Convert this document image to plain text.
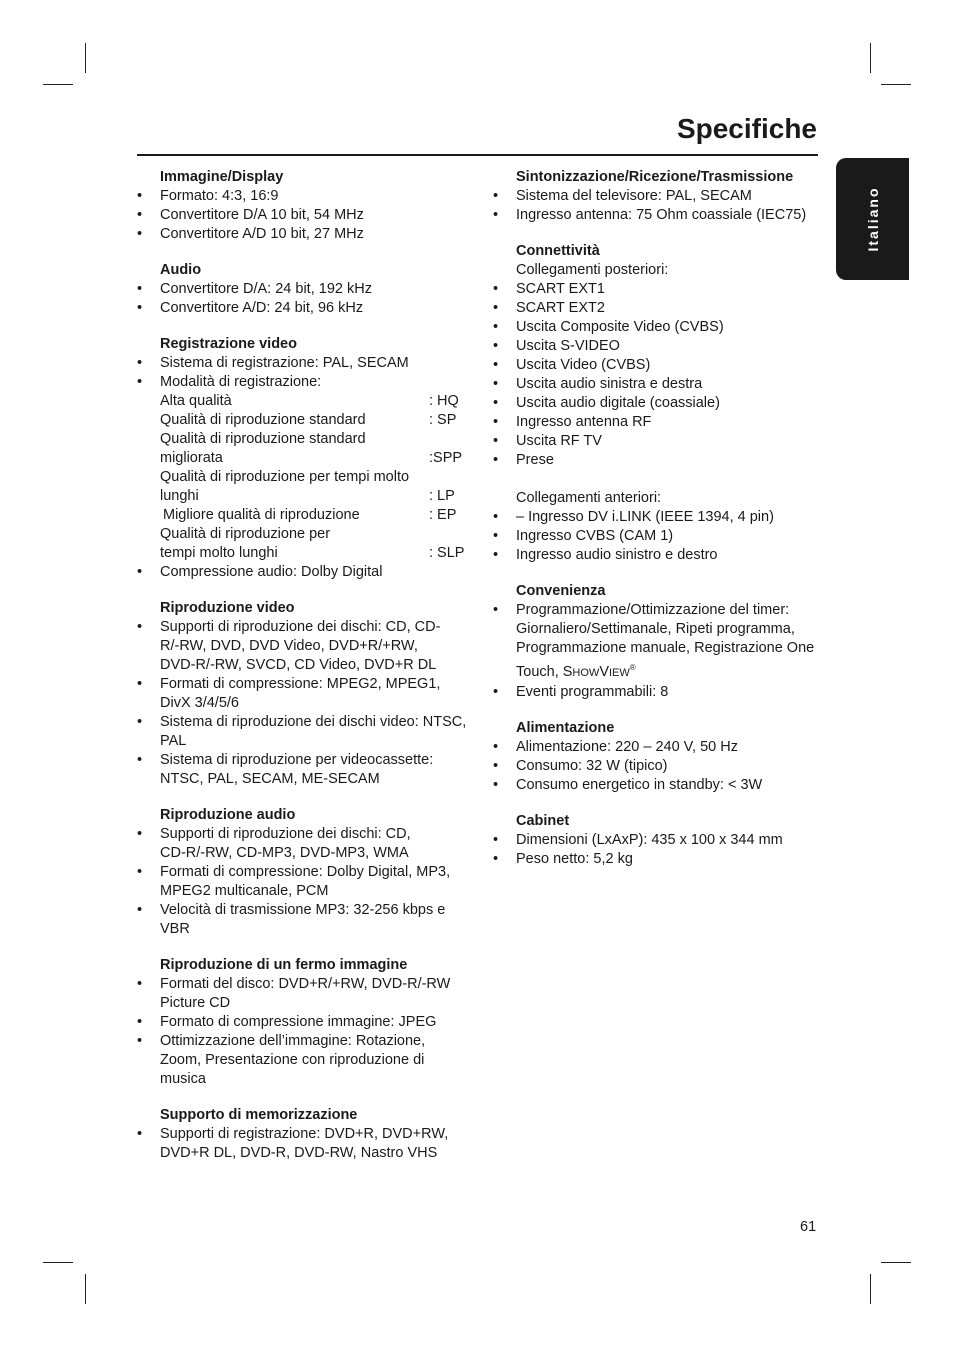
Specifiche
Italiano
Immagine/Display
• Formato: 4:3, 16:9
• Convertitore D/A 10 bit, 54 MHz
• Convertitore A/D 10 bit, 27 MHz
Audio
• Convertitore D/A: 24 bit, 192 kHz
• Convertitore A/D: 24 bit, 96 kHz
Registrazione video
• Sistema di registrazione: PAL, SECAM
• Modalità di registrazione:
Alta qualità	: HQ
Qualità di riproduzione standard	: SP
Qualità di riproduzione standard migliorata	:SPP
Qualità di riproduzione per tempi molto lunghi	: LP
Migliore qualità di riproduzione	: EP
Qualità di riproduzione per tempi molto lunghi	: SLP
• Compressione audio: Dolby Digital
Riproduzione video
• Supporti di riproduzione dei dischi: CD, CD-R/-RW, DVD, DVD Video, DVD+R/+RW, DVD-R/-RW, SVCD, CD Video, DVD+R DL
• Formati di compressione: MPEG2, MPEG1, DivX 3/4/5/6
• Sistema di riproduzione dei dischi video: NTSC, PAL
• Sistema di riproduzione per videocassette: NTSC, PAL, SECAM, ME-SECAM
Riproduzione audio
• Supporti di riproduzione dei dischi: CD, CD-R/-RW, CD-MP3, DVD-MP3, WMA
• Formati di compressione: Dolby Digital, MP3, MPEG2 multicanale, PCM
• Velocità di trasmissione MP3: 32-256 kbps e VBR
Riproduzione di un fermo immagine
• Formati del disco: DVD+R/+RW, DVD-R/-RW Picture CD
• Formato di compressione immagine: JPEG
• Ottimizzazione dell’immagine: Rotazione, Zoom, Presentazione con riproduzione di musica
Supporto di memorizzazione
• Supporti di registrazione: DVD+R, DVD+RW, DVD+R DL, DVD-R, DVD-RW, Nastro VHS
Sintonizzazione/Ricezione/Trasmissione
• Sistema del televisore: PAL, SECAM
• Ingresso antenna: 75 Ohm coassiale (IEC75)
Connettività
Collegamenti posteriori:
• SCART EXT1
• SCART EXT2
• Uscita Composite Video (CVBS)
• Uscita S-VIDEO
• Uscita Video (CVBS)
• Uscita audio sinistra e destra
• Uscita audio digitale (coassiale)
• Ingresso antenna RF
• Uscita RF TV
• Prese
Collegamenti anteriori:
• – Ingresso DV i.LINK (IEEE 1394, 4 pin)
• Ingresso CVBS (CAM 1)
• Ingresso audio sinistro e destro
Convenienza
• Programmazione/Ottimizzazione del timer: Giornaliero/Settimanale, Ripeti programma, Programmazione manuale, Registrazione One Touch, SHOWVIEW®
• Eventi programmabili: 8
Alimentazione
• Alimentazione: 220 – 240 V, 50 Hz
• Consumo: 32 W (tipico)
• Consumo energetico in standby: < 3W
Cabinet
• Dimensioni (LxAxP): 435 x 100 x 344 mm
• Peso netto: 5,2 kg
61
